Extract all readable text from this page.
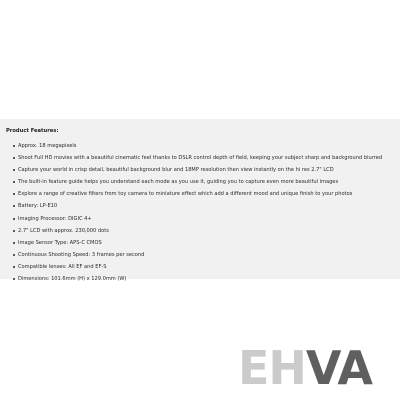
Product Features:
Approx. 18 megapixels
Shoot Full HD movies with a beautiful cinematic feel thanks to DSLR control depth of field, keeping your subject sharp and background blurred
Capture your world in crisp detail, beautiful background blur and 18MP resolution then view instantly on the hi res 2.7" LCD
The built-in feature guide helps you understand each mode as you use it, guiding you to capture even more beautiful images
Explore a range of creative filters from toy camera to miniature effect which add a different mood and unique finish to your photos
Battery: LP-E10
Imaging Processor: DIGIC 4+
2.7" LCD with approx. 230,000 dots
Image Sensor Type: APS-C CMOS
Continuous Shooting Speed: 3 frames per second
Compatible lenses: All EF and EF-S
Dimensions: 101.6mm (H) x 129.0mm (W)
EH VA
